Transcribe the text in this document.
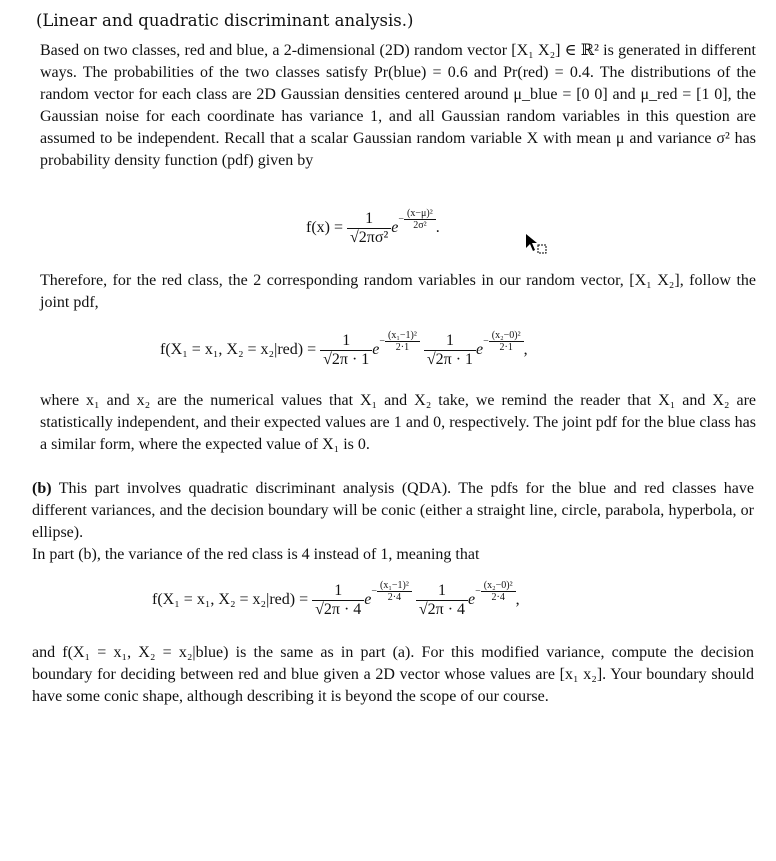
(Linear and quadratic discriminant analysis.)
Based on two classes, red and blue, a 2-dimensional (2D) random vector [X₁ X₂] ∈ ℝ² is generated in different ways. The probabilities of the two classes satisfy Pr(blue) = 0.6 and Pr(red) = 0.4. The distributions of the random vector for each class are 2D Gaussian densities centered around μ_blue = [0 0] and μ_red = [1 0], the Gaussian noise for each coordinate has variance 1, and all Gaussian random variables in this question are assumed to be independent. Recall that a scalar Gaussian random variable X with mean μ and variance σ² has probability density function (pdf) given by
$f(x) = \frac{1}{\text{√2πσ²}} e^{- \frac{\text{(x−μ)²}}{\text{2σ²}}}$ .
Therefore, for the red class, the 2 corresponding random variables in our random vector, [X₁ X₂], follow the joint pdf,
f(X₁ = x₁, $X_2 = x_2|red) = \frac{1}{√2\pi \cdot 1} e^{- \frac{\text{(x₁−1)²}}{2\cdot 1}}$
$\frac{1}{√2\pi \cdot 1} e^{- \frac{\text{(x₂−0)²}}{2\cdot 1}}$ ,
where x₁ and x₂ are the numerical values that X₁ and X₂ take, we remind the reader that X₁ and X₂ are statistically independent, and their expected values are 1 and 0, respectively. The joint pdf for the blue class has a similar form, where the expected value of X₁ is 0.
(b) This part involves quadratic discriminant analysis (QDA). The pdfs for the blue and red classes have different variances, and the decision boundary will be conic (either a straight line, circle, parabola, hyperbola, or ellipse).
In part (b), the variance of the red class is 4 instead of 1, meaning that
f(X₁ = x₁, $X_2 = x_2|red) = \frac{1}{√2\pi \cdot 4} e^{- \frac{\text{(x₁−1)²}}{2\cdot 4}}$
$\frac{1}{√2\pi \cdot 4} e^{- \frac{\text{(x₂−0)²}}{2\cdot 4}}$ ,
and f(X₁ = x₁, X₂ = x₂|blue) is the same as in part (a). For this modified variance, compute the decision boundary for deciding between red and blue given a 2D vector whose values are [x₁ x₂]. Your boundary should have some conic shape, although describing it is beyond the scope of our course.
